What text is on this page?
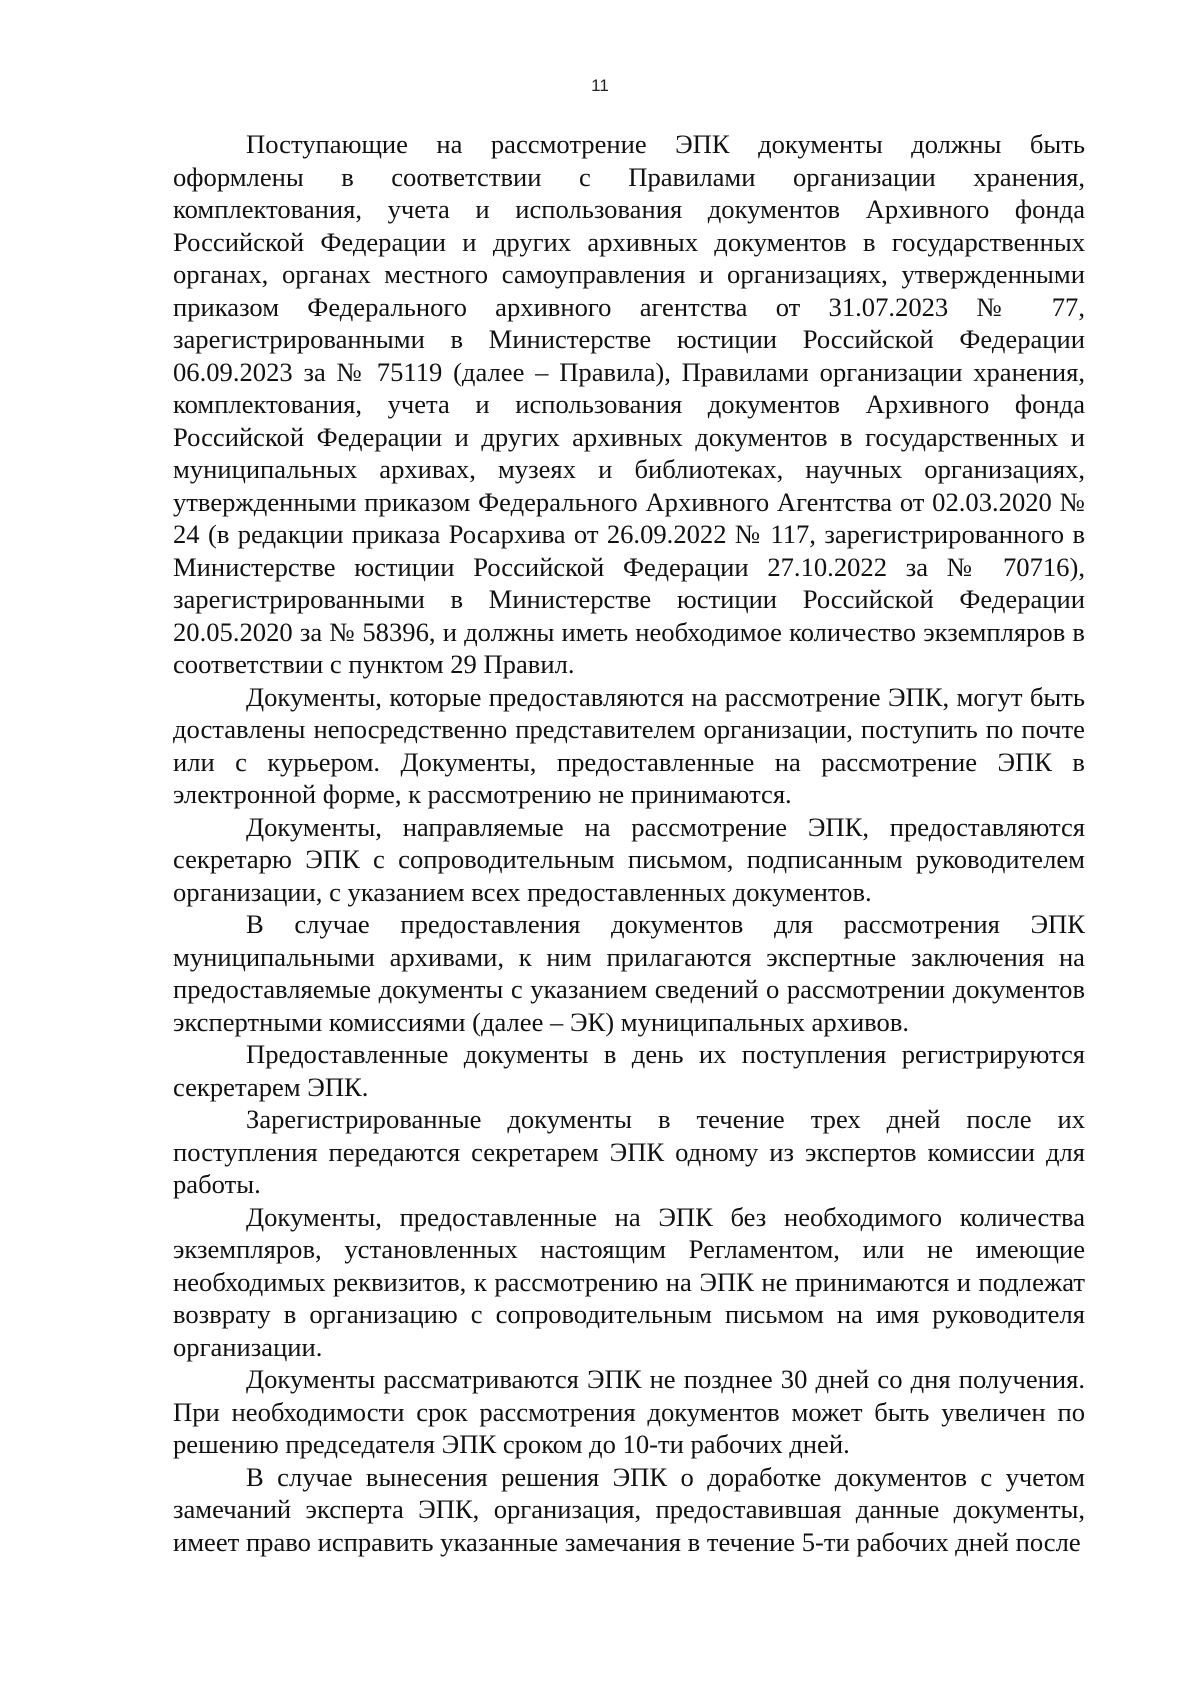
11

Поступающие на рассмотрение ЭПК документы должны быть оформлены в соответствии с Правилами организации хранения, комплектования, учета и использования документов Архивного фонда Российской Федерации и других архивных документов в государственных органах, органах местного самоуправления и организациях, утвержденными приказом Федерального архивного агентства от 31.07.2023 № 77, зарегистрированными в Министерстве юстиции Российской Федерации 06.09.2023 за № 75119 (далее – Правила), Правилами организации хранения, комплектования, учета и использования документов Архивного фонда Российской Федерации и других архивных документов в государственных и муниципальных архивах, музеях и библиотеках, научных организациях, утвержденными приказом Федерального Архивного Агентства от 02.03.2020 № 24 (в редакции приказа Росархива от 26.09.2022 № 117, зарегистрированного в Министерстве юстиции Российской Федерации 27.10.2022 за № 70716), зарегистрированными в Министерстве юстиции Российской Федерации 20.05.2020 за № 58396, и должны иметь необходимое количество экземпляров в соответствии с пунктом 29 Правил.

Документы, которые предоставляются на рассмотрение ЭПК, могут быть доставлены непосредственно представителем организации, поступить по почте или с курьером. Документы, предоставленные на рассмотрение ЭПК в электронной форме, к рассмотрению не принимаются.

Документы, направляемые на рассмотрение ЭПК, предоставляются секретарю ЭПК с сопроводительным письмом, подписанным руководителем организации, с указанием всех предоставленных документов.

В случае предоставления документов для рассмотрения ЭПК муниципальными архивами, к ним прилагаются экспертные заключения на предоставляемые документы с указанием сведений о рассмотрении документов экспертными комиссиями (далее – ЭК) муниципальных архивов.

Предоставленные документы в день их поступления регистрируются секретарем ЭПК.

Зарегистрированные документы в течение трех дней после их поступления передаются секретарем ЭПК одному из экспертов комиссии для работы.

Документы, предоставленные на ЭПК без необходимого количества экземпляров, установленных настоящим Регламентом, или не имеющие необходимых реквизитов, к рассмотрению на ЭПК не принимаются и подлежат возврату в организацию с сопроводительным письмом на имя руководителя организации.

Документы рассматриваются ЭПК не позднее 30 дней со дня получения. При необходимости срок рассмотрения документов может быть увеличен по решению председателя ЭПК сроком до 10-ти рабочих дней.

В случае вынесения решения ЭПК о доработке документов с учетом замечаний эксперта ЭПК, организация, предоставившая данные документы, имеет право исправить указанные замечания в течение 5-ти рабочих дней после
